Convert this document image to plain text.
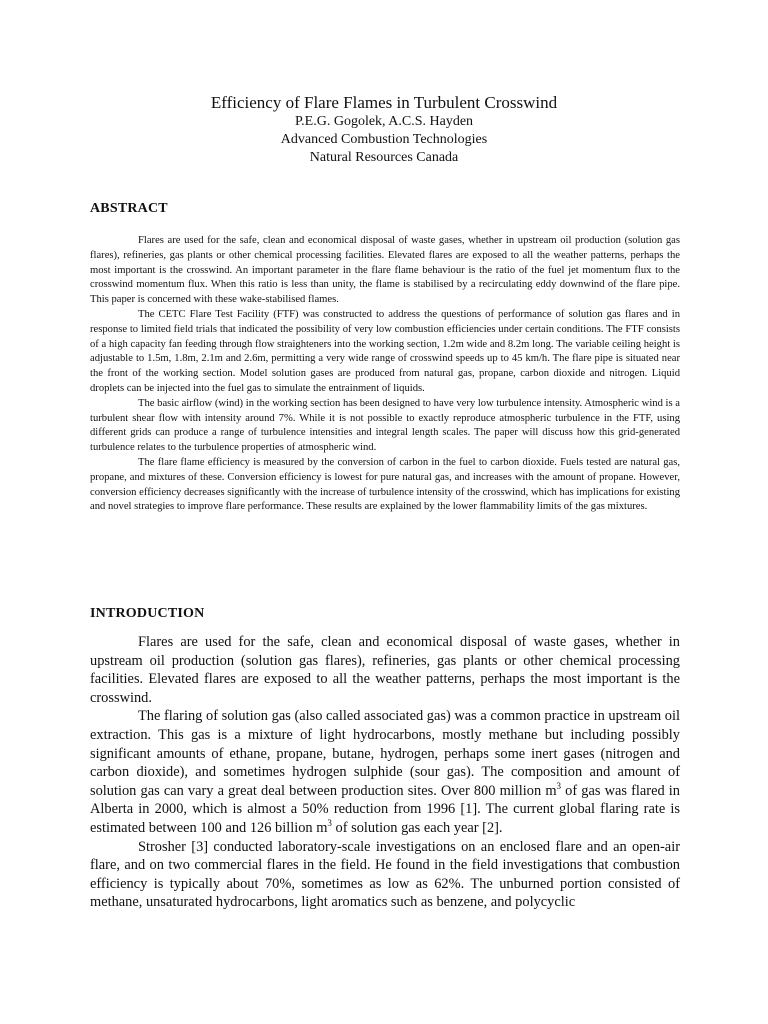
Efficiency of Flare Flames in Turbulent Crosswind

P.E.G. Gogolek, A.C.S. Hayden

Advanced Combustion Technologies

Natural Resources Canada

ABSTRACT

Flares are used for the safe, clean and economical disposal of waste gases, whether in upstream oil production (solution gas flares), refineries, gas plants or other chemical processing facilities. Elevated flares are exposed to all the weather patterns, perhaps the most important is the crosswind. An important parameter in the flare flame behaviour is the ratio of the fuel jet momentum flux to the crosswind momentum flux. When this ratio is less than unity, the flame is stabilised by a recirculating eddy downwind of the flare pipe. This paper is concerned with these wake-stabilised flames.

The CETC Flare Test Facility (FTF) was constructed to address the questions of performance of solution gas flares and in response to limited field trials that indicated the possibility of very low combustion efficiencies under certain conditions. The FTF consists of a high capacity fan feeding through flow straighteners into the working section, 1.2m wide and 8.2m long. The variable ceiling height is adjustable to 1.5m, 1.8m, 2.1m and 2.6m, permitting a very wide range of crosswind speeds up to 45 km/h. The flare pipe is situated near the front of the working section. Model solution gases are produced from natural gas, propane, carbon dioxide and nitrogen. Liquid droplets can be injected into the fuel gas to simulate the entrainment of liquids.

The basic airflow (wind) in the working section has been designed to have very low turbulence intensity. Atmospheric wind is a turbulent shear flow with intensity around 7%. While it is not possible to exactly reproduce atmospheric turbulence in the FTF, using different grids can produce a range of turbulence intensities and integral length scales. The paper will discuss how this grid-generated turbulence relates to the turbulence properties of atmospheric wind.

The flare flame efficiency is measured by the conversion of carbon in the fuel to carbon dioxide. Fuels tested are natural gas, propane, and mixtures of these. Conversion efficiency is lowest for pure natural gas, and increases with the amount of propane. However, conversion efficiency decreases significantly with the increase of turbulence intensity of the crosswind, which has implications for existing and novel strategies to improve flare performance. These results are explained by the lower flammability limits of the gas mixtures.

INTRODUCTION

Flares are used for the safe, clean and economical disposal of waste gases, whether in upstream oil production (solution gas flares), refineries, gas plants or other chemical processing facilities. Elevated flares are exposed to all the weather patterns, perhaps the most important is the crosswind.

The flaring of solution gas (also called associated gas) was a common practice in upstream oil extraction. This gas is a mixture of light hydrocarbons, mostly methane but including possibly significant amounts of ethane, propane, butane, hydrogen, perhaps some inert gases (nitrogen and carbon dioxide), and sometimes hydrogen sulphide (sour gas). The composition and amount of solution gas can vary a great deal between production sites. Over 800 million $m^3$ of gas was flared in Alberta in 2000, which is almost a 50% reduction from 1996 [1]. The current global flaring rate is estimated between 100 and 126 billion $m^3$ of solution gas each year [2].

Strosher [3] conducted laboratory-scale investigations on an enclosed flare and an open-air flare, and on two commercial flares in the field. He found in the field investigations that combustion efficiency is typically about 70%, sometimes as low as 62%. The unburned portion consisted of methane, unsaturated hydrocarbons, light aromatics such as benzene, and polycyclic
